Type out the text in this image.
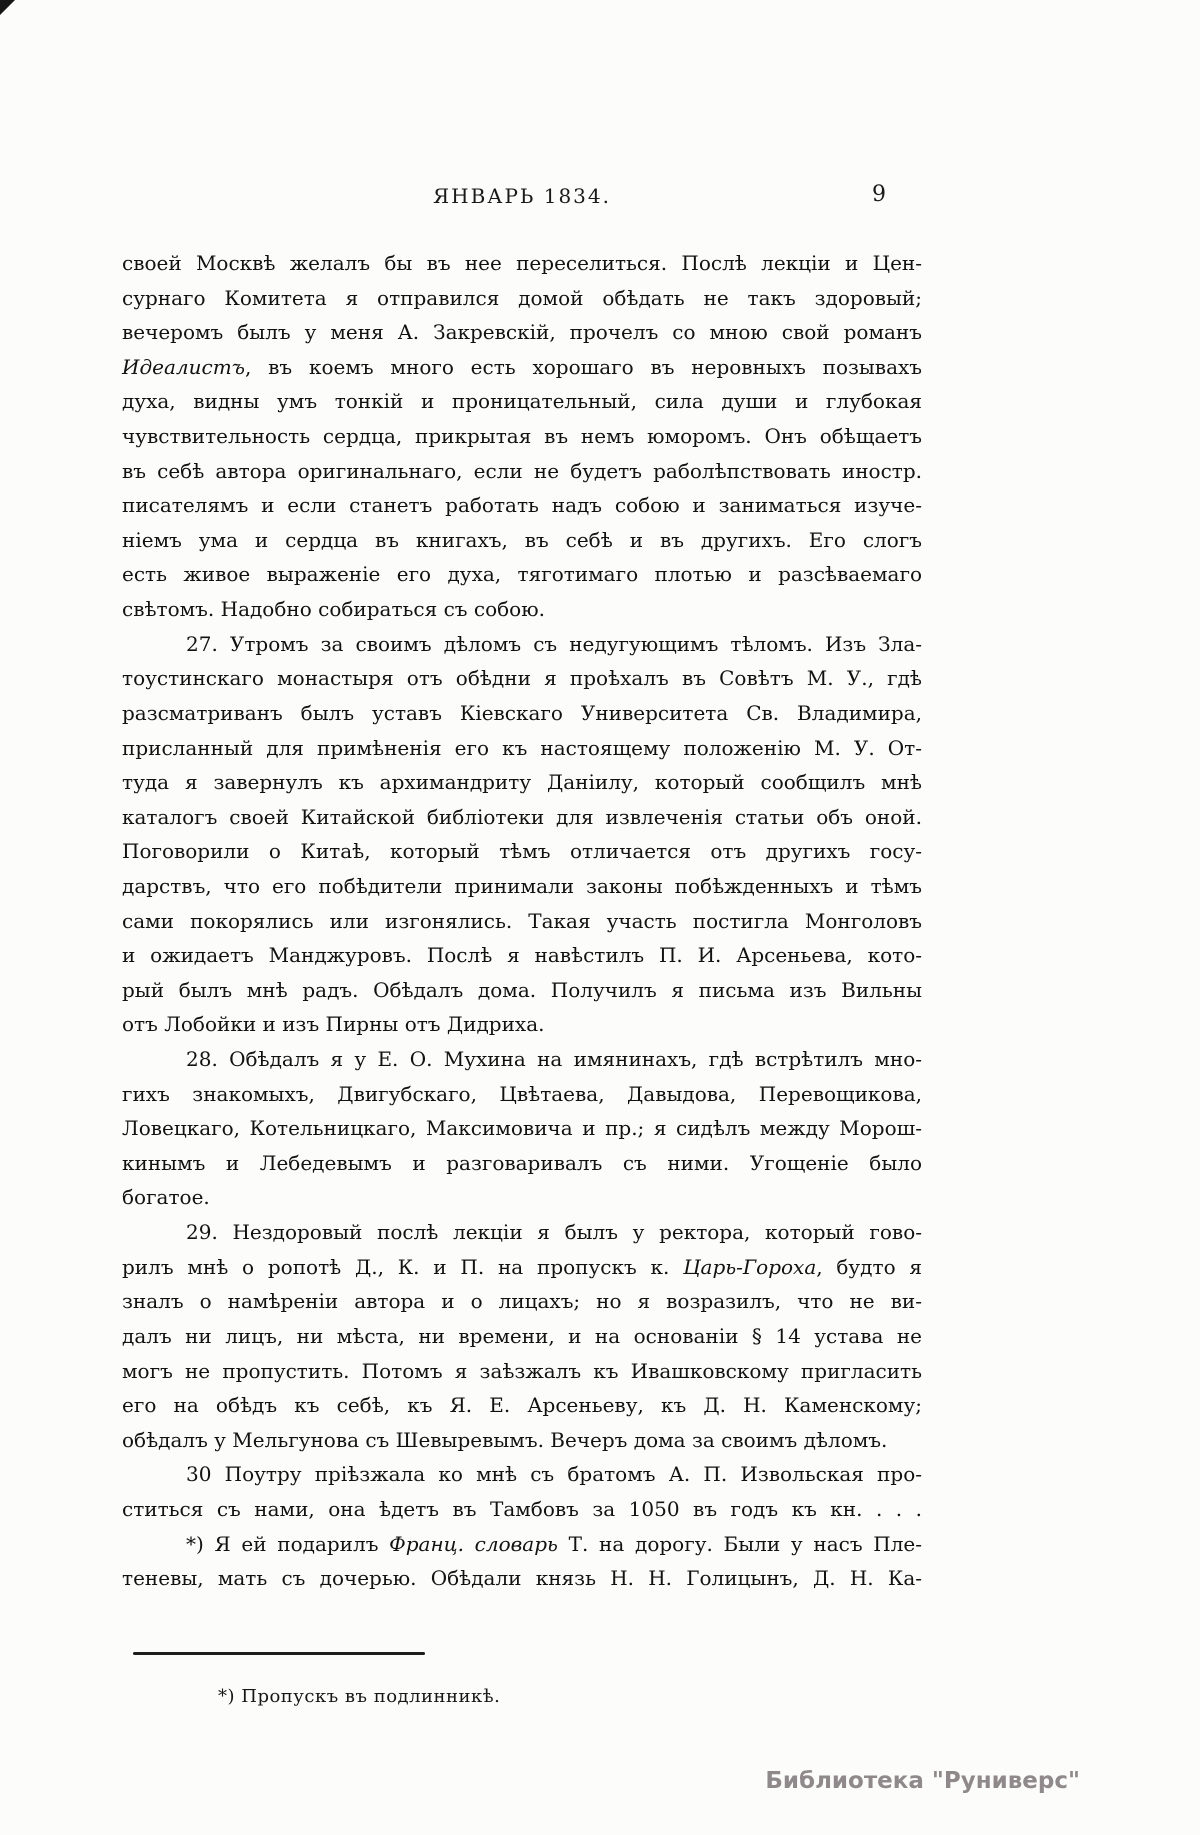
ЯНВАРЬ 1834.	9
своей Москвѣ желалъ бы въ нее переселиться. Послѣ лекціи и Цен-
сурнаго Комитета я отправился домой обѣдать не такъ здоровый;
вечеромъ былъ у меня А. Закревскій, прочелъ со мною свой романъ
Идеалистъ, въ коемъ много есть хорошаго въ неровныхъ позывахъ
духа, видны умъ тонкій и проницательный, сила души и глубокая
чувствительность сердца, прикрытая въ немъ юморомъ. Онъ обѣщаетъ
въ себѣ автора оригинальнаго, если не будетъ раболѣпствовать иностр.
писателямъ и если станетъ работать надъ собою и заниматься изуче-
ніемъ ума и сердца въ книгахъ, въ себѣ и въ другихъ. Его слогъ
есть живое выраженіе его духа, тяготимаго плотью и разсѣваемаго
свѣтомъ. Надобно собираться съ собою.
27. Утромъ за своимъ дѣломъ съ недугующимъ тѣломъ. Изъ Зла-
тоустинскаго монастыря отъ обѣдни я проѣхалъ въ Совѣтъ М. У., гдѣ
разсматриванъ былъ уставъ Кіевскаго Университета Св. Владимира,
присланный для примѣненія его къ настоящему положенію М. У. От-
туда я завернулъ къ архимандриту Даніилу, который сообщилъ мнѣ
каталогъ своей Китайской библіотеки для извлеченія статьи объ оной.
Поговорили о Китаѣ, который тѣмъ отличается отъ другихъ госу-
дарствъ, что его побѣдители принимали законы побѣжденныхъ и тѣмъ
сами покорялись или изгонялись. Такая участь постигла Монголовъ
и ожидаетъ Манджуровъ. Послѣ я навѣстилъ П. И. Арсеньева, кото-
рый былъ мнѣ радъ. Обѣдалъ дома. Получилъ я письма изъ Вильны
отъ Лобойки и изъ Пирны отъ Дидриха.
28. Обѣдалъ я у Е. О. Мухина на имянинахъ, гдѣ встрѣтилъ мно-
гихъ знакомыхъ, Двигубскаго, Цвѣтаева, Давыдова, Перевощикова,
Ловецкаго, Котельницкаго, Максимовича и пр.; я сидѣлъ между Морош-
кинымъ и Лебедевымъ и разговаривалъ съ ними. Угощеніе было
богатое.
29. Нездоровый послѣ лекціи я былъ у ректора, который гово-
рилъ мнѣ о ропотѣ Д., К. и П. на пропускъ к. Царь-Гороха, будто я
зналъ о намѣреніи автора и о лицахъ; но я возразилъ, что не ви-
далъ ни лицъ, ни мѣста, ни времени, и на основаніи § 14 устава не
могъ не пропустить. Потомъ я заѣзжалъ къ Ивашковскому пригласить
его на обѣдъ къ себѣ, къ Я. Е. Арсеньеву, къ Д. Н. Каменскому;
обѣдалъ у Мельгунова съ Шевыревымъ. Вечеръ дома за своимъ дѣломъ.
30 Поутру пріѣзжала ко мнѣ съ братомъ А. П. Извольская про-
ститься съ нами, она ѣдетъ въ Тамбовъ за 1050 въ годъ къ кн. . . .
*) Я ей подарилъ Франц. словарь Т. на дорогу. Были у насъ Пле-
теневы, мать съ дочерью. Обѣдали князь Н. Н. Голицынъ, Д. Н. Ка-
*) Пропускъ въ подлинникѣ.
Библиотека "Руниверс"
